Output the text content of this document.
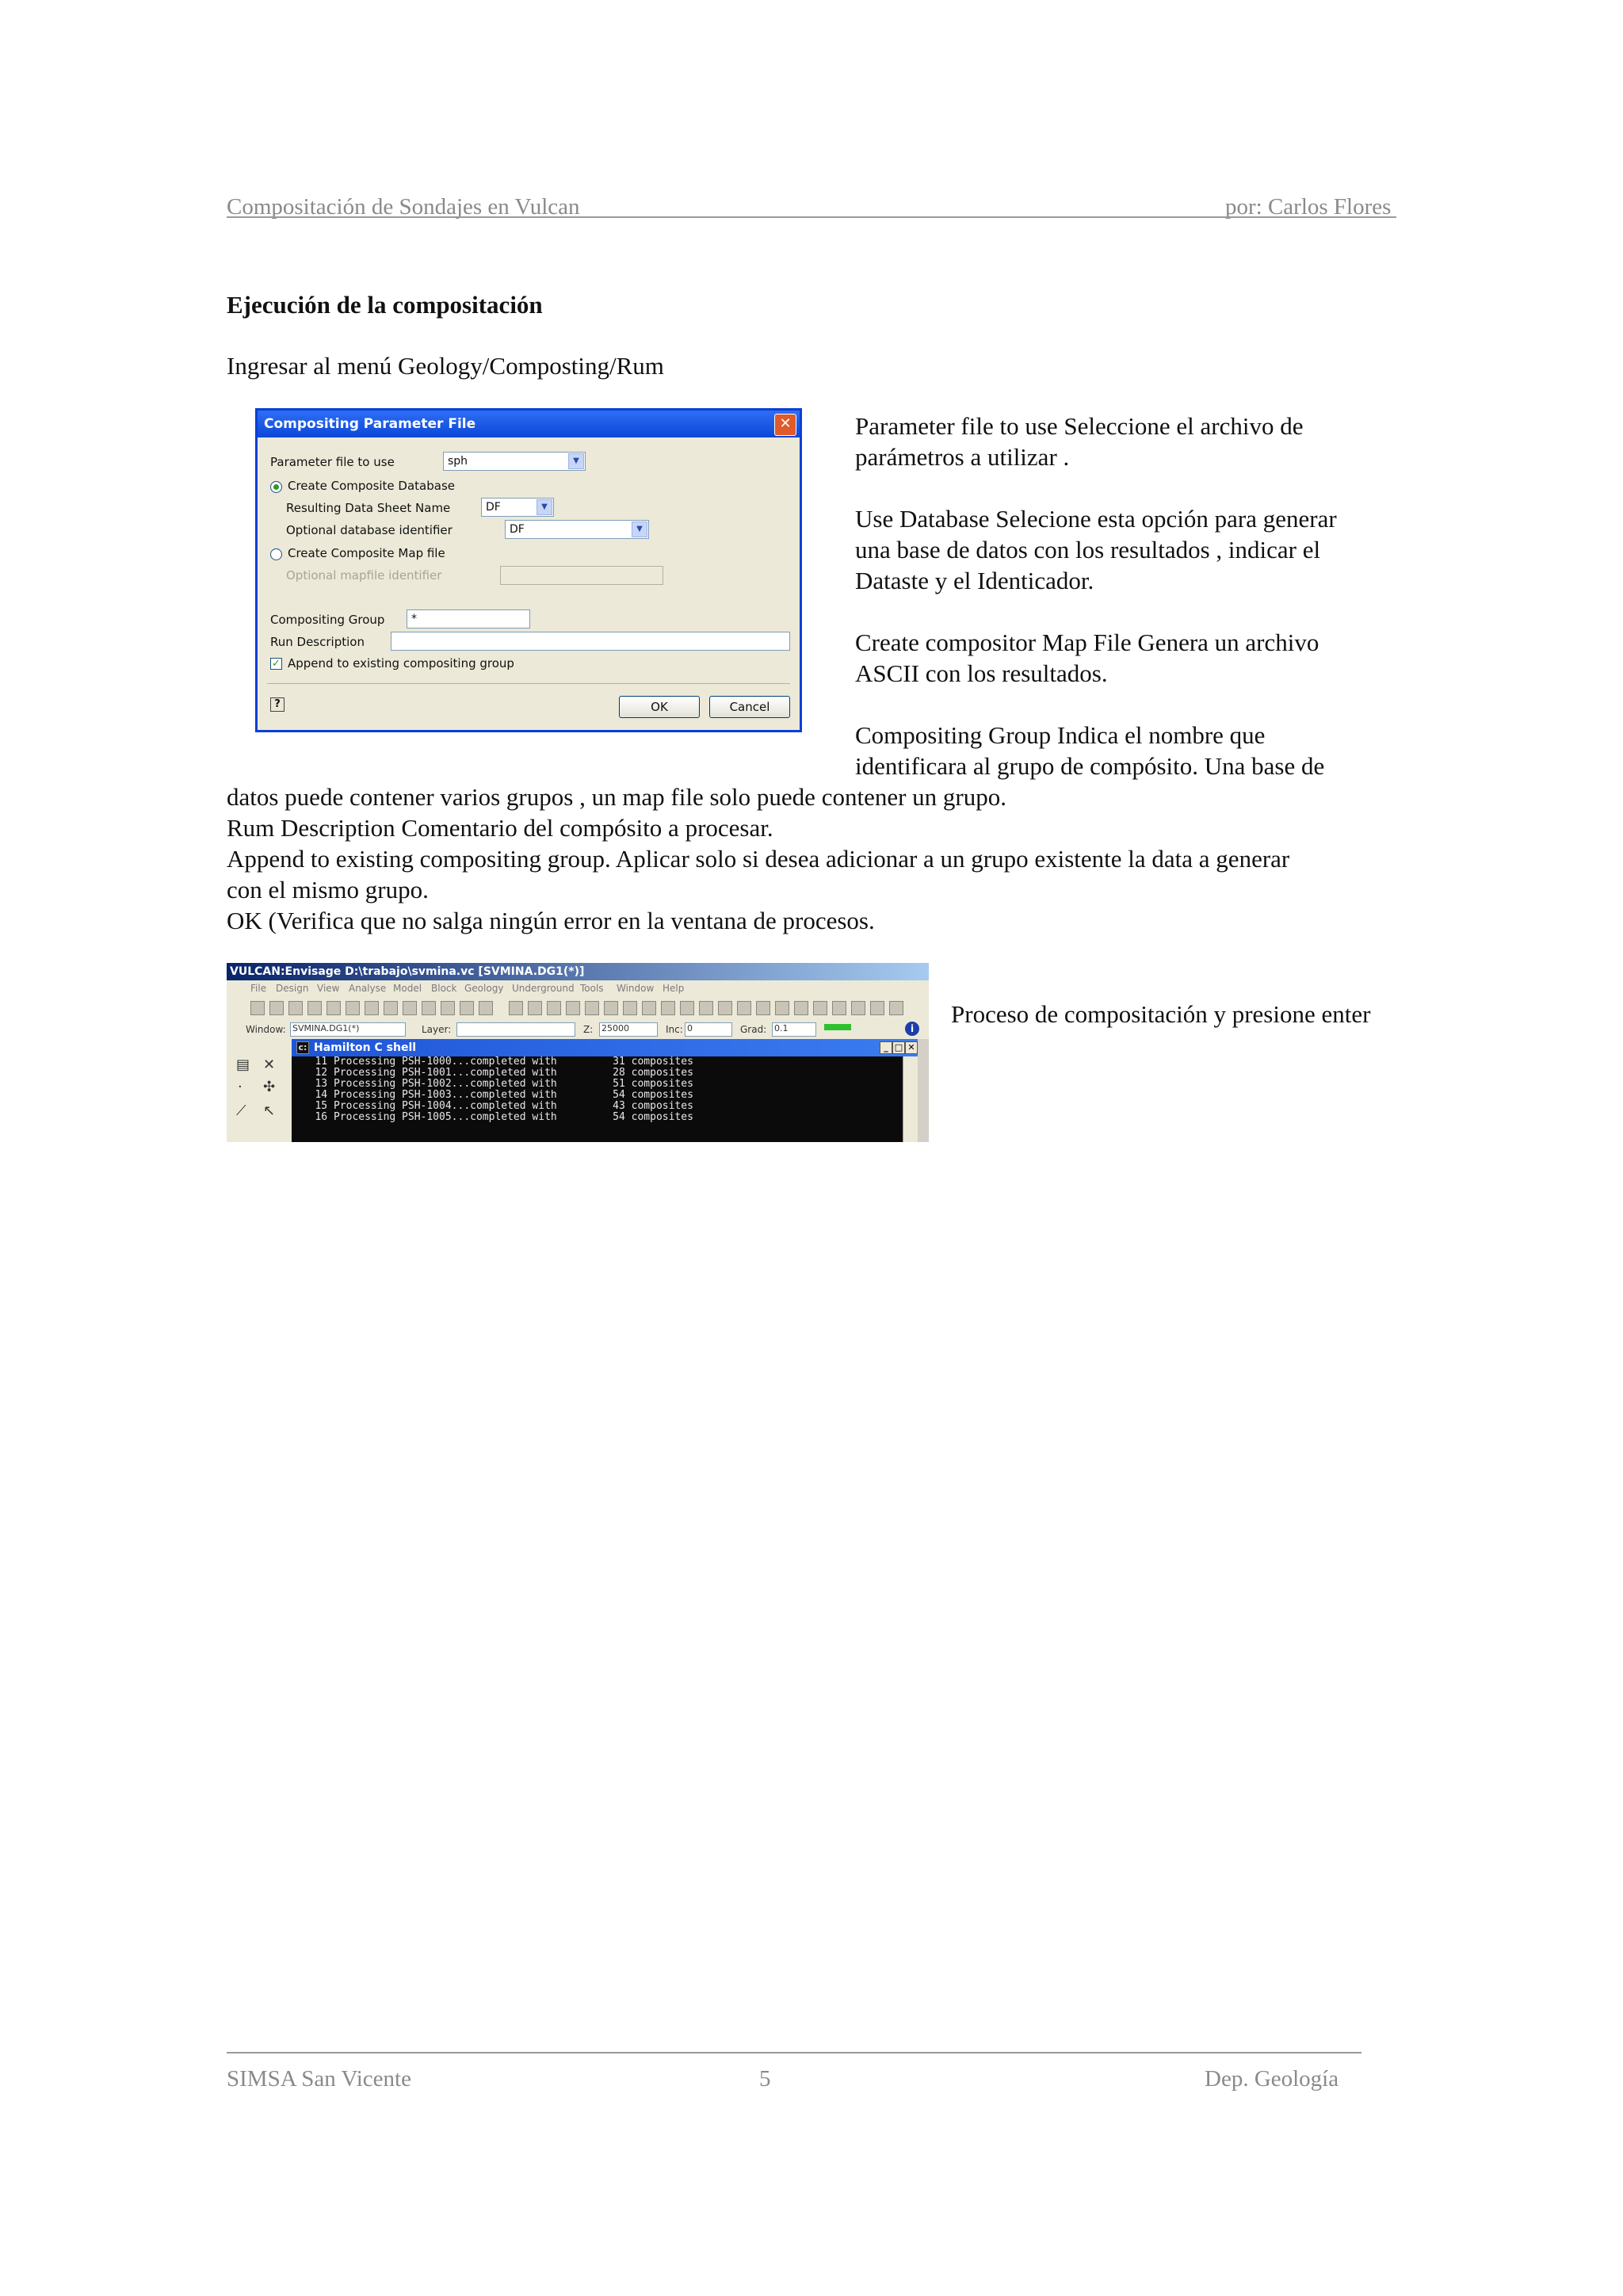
Compositación de Sondajes en Vulcan	por: Carlos Flores
Ejecución de la compositación
Ingresar al menú Geology/Composting/Rum
Compositing Parameter File	✕
Parameter file to use	sph	▼
Create Composite Database
Resulting Data Sheet Name	DF	▼
Optional database identifier	DF	▼
Create Composite Map file
Optional mapfile identifier
Compositing Group	*
Run Description
✓ Append to existing compositing group
?	OK	Cancel
Parameter file to use Seleccione el archivo de
parámetros a utilizar .
Use Database Selecione esta opción para generar
una base de datos con los resultados , indicar el
Dataste y el Identicador.
Create compositor Map File Genera un archivo
ASCII con los resultados.
Compositing Group Indica el nombre que
identificara al grupo de compósito. Una base de
datos puede contener varios grupos , un map file solo puede contener un grupo.
Rum Description Comentario del compósito a procesar.
Append to existing compositing group. Aplicar solo si desea adicionar a un grupo existente la data a generar
con el mismo grupo.
OK (Verifica que no salga ningún error en la ventana de procesos.
VULCAN:Envisage D:\trabajo\svmina.vc [SVMINA.DG1(*)]
File Design View Analyse Model Block Geology Underground Tools Window Help
Window: SVMINA.DG1(*)	Layer:	Z: 25000	Inc: 0	Grad: 0.1	i
▤ ✕
· ✣
⟋ ↖
Hamilton C shell
c:	_ □ ✕
11 Processing PSH-1000...completed with         31 composites
12 Processing PSH-1001...completed with         28 composites
13 Processing PSH-1002...completed with         51 composites
14 Processing PSH-1003...completed with         54 composites
15 Processing PSH-1004...completed with         43 composites
16 Processing PSH-1005...completed with         54 composites
Proceso de compositación y presione enter
SIMSA San Vicente	5	Dep. Geología
